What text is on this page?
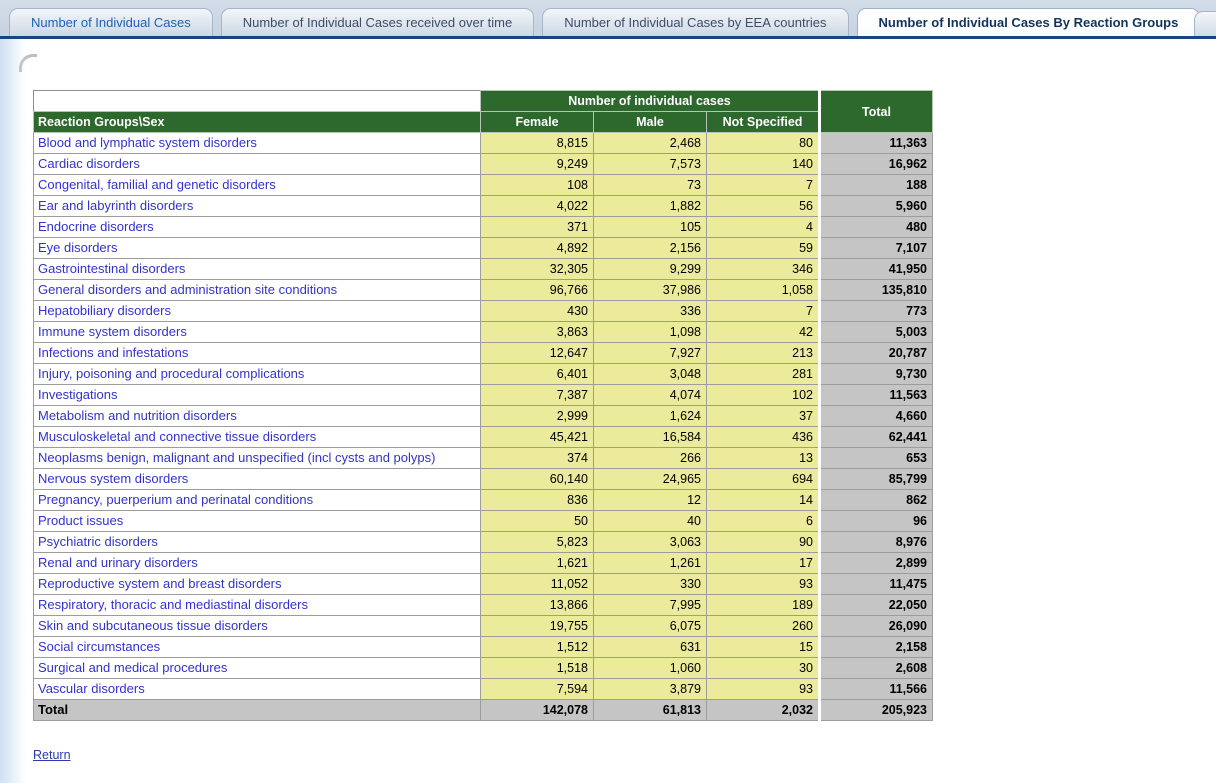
Number of Individual Cases	Number of Individual Cases received over time	Number of Individual Cases by EEA countries	Number of Individual Cases By Reaction Groups
	Number of individual cases			Total
Reaction Groups\Sex	Female	Male	Not Specified	
Blood and lymphatic system disorders	8,815	2,468	80	11,363
Cardiac disorders	9,249	7,573	140	16,962
Congenital, familial and genetic disorders	108	73	7	188
Ear and labyrinth disorders	4,022	1,882	56	5,960
Endocrine disorders	371	105	4	480
Eye disorders	4,892	2,156	59	7,107
Gastrointestinal disorders	32,305	9,299	346	41,950
General disorders and administration site conditions	96,766	37,986	1,058	135,810
Hepatobiliary disorders	430	336	7	773
Immune system disorders	3,863	1,098	42	5,003
Infections and infestations	12,647	7,927	213	20,787
Injury, poisoning and procedural complications	6,401	3,048	281	9,730
Investigations	7,387	4,074	102	11,563
Metabolism and nutrition disorders	2,999	1,624	37	4,660
Musculoskeletal and connective tissue disorders	45,421	16,584	436	62,441
Neoplasms benign, malignant and unspecified (incl cysts and polyps)	374	266	13	653
Nervous system disorders	60,140	24,965	694	85,799
Pregnancy, puerperium and perinatal conditions	836	12	14	862
Product issues	50	40	6	96
Psychiatric disorders	5,823	3,063	90	8,976
Renal and urinary disorders	1,621	1,261	17	2,899
Reproductive system and breast disorders	11,052	330	93	11,475
Respiratory, thoracic and mediastinal disorders	13,866	7,995	189	22,050
Skin and subcutaneous tissue disorders	19,755	6,075	260	26,090
Social circumstances	1,512	631	15	2,158
Surgical and medical procedures	1,518	1,060	30	2,608
Vascular disorders	7,594	3,879	93	11,566
Total	142,078	61,813	2,032	205,923
Return
